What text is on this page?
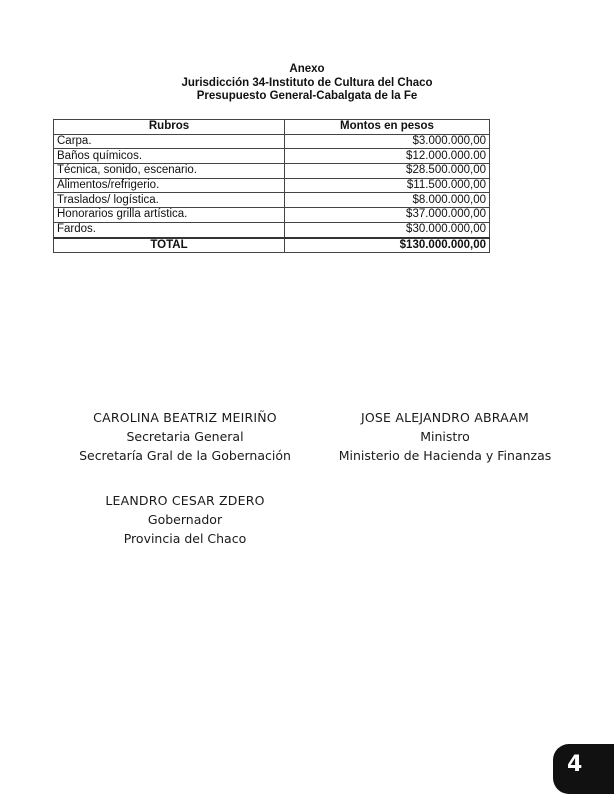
Anexo
Jurisdicción 34-Instituto de Cultura del Chaco
Presupuesto General-Cabalgata de la Fe
Rubros	Montos en pesos
Carpa.	$3.000.000,00
Baños químicos.	$12.000.000.00
Técnica, sonido, escenario.	$28.500.000,00
Alimentos/refrigerio.	$11.500.000,00
Traslados/ logística.	$8.000.000,00
Honorarios grilla artística.	$37.000.000,00
Fardos.	$30.000.000,00
TOTAL	$130.000.000,00
CAROLINA BEATRIZ MEIRIÑO
Secretaria General
Secretaría Gral de la Gobernación
JOSE ALEJANDRO ABRAAM
Ministro
Ministerio de Hacienda y Finanzas
LEANDRO CESAR ZDERO
Gobernador
Provincia del Chaco
4
